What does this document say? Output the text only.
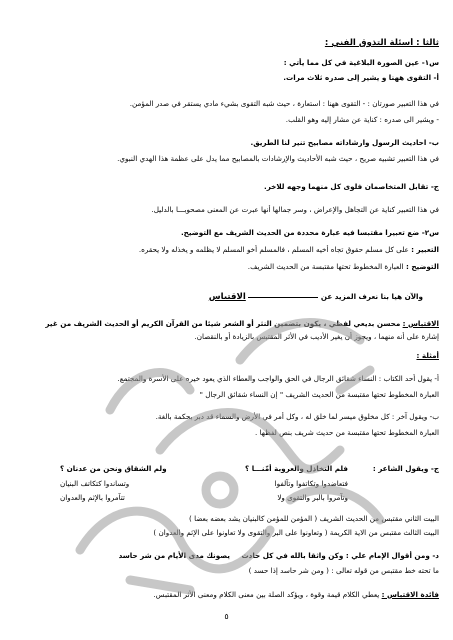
ثالثا : أسئلة التذوق الفني :
س١- عين الصورة البلاغية في كل مما يأتي :
أ- التقوى ههنا و يشير إلى صدره ثلاث مرات.
في هذا التعبير صورتان : - التقوى ههنا : استعارة ، حيث شبه التقوى بشيء مادي يستقر في صدر المؤمن.
- ويشير الى صدره : كناية عن مشار إليه وهو القلب.
ب- احاديث الرسول وارشاداته مصابيح تنير لنا الطريق.
في هذا التعبير تشبيه صريح ، حيث شبه الأحاديث والإرشادات بالمصابيح مما يدل على عظمة هذا الهدي النبوي.
ج- تقابل المتخاصمان فلوى كل منهما وجهه للاخر.
في هذا التعبير كناية عن التجاهل والإعراض ، وسر جمالها أنها عبرت عن المعنى مصحوبـــا بالدليل.
س٢- ضع تعبيرا مقتبسا فيه عبارة محددة من الحديث الشريف مع التوضيح.
التعبير : على كل مسلم حقوق تجاه أخيه المسلم ، فالمسلم أخو المسلم لا يظلمه و يخذله ولا يحقره.
التوضيح : العبارة المخطوط تحتها مقتبسة من الحديث الشريف.
والآن هيا بنا نعرف المزيد عن  الاقتباس
الاقتباس : محسن بديعي لفظي ، يكون بتضمين النثر أو الشعر شيئا من القرآن الكريم أو الحديث الشريف من غير
إشارة على أنه منهما ، ويجوز أن يغير الأديب في الأثر المقتبس بالزيادة أو بالنقصان.
أمثلة :
أ- يقول أحد الكتاب : النساء شقائق الرجال في الحق والواجب والعطاء الذي يعود خيره على الأسرة والمجتمع.
العبارة المخطوط تحتها مقتبسة من الحديث الشريف " إن النساء شقائق الرجال "
ب- ويقول آخر : كل مخلوق ميسر لما خلق له ، وكل أمر في الأرض والسماء قد دبر بحكمة بالغة.
العبارة المخطوط تحتها مقتبسة من حديث شريف بنص لفظها .
ج- ويقول الشاعر :
فلم التخاذل والعروبة أمّنـــا ؟
ولم الشقاق ونحن من عدنان ؟
فتعاضدوا وتكاتفوا وتآلفوا
وتساندوا كتكاتف البنيان
وتآمروا بالبر والتقوى ولا
تتآمروا بالإثم والعدوان
البيت الثاني مقتبس من الحديث الشريف ( المؤمن للمؤمن كالبنيان يشد بعضه بعضا )
البيت الثالث مقتبس من الاية الكريمة ( وتعاونوا على البر والتقوى ولا تعاونوا على الإثم والعدوان )
د- ومن أقوال الإمام علي : وكن واثقا بالله في كل حادث     يصونك مدى الأيام من شر حاسد
ما تحته خط مقتبس من قوله تعالى : ( ومن شر حاسد إذا حسد )
فائدة الاقتباس : يعطي الكلام قيمة وقوة ، ويؤكد الصلة بين معنى الكلام ومعنى الأثر المقتبس.
٥
